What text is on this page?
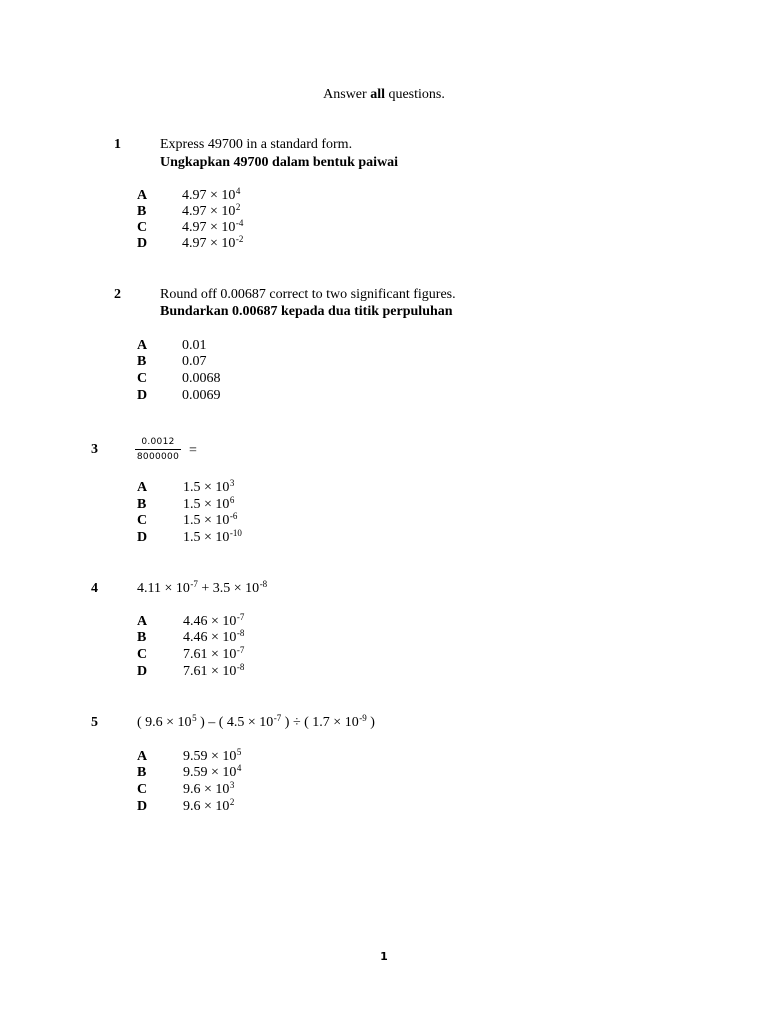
Answer all questions.
1	Express 49700 in a standard form.
Ungkapkan 49700 dalam bentuk paiwai
A $4.97 \times 10^4$
B	$4.97 \times 10^2$
C $4.97 \times 10^{-4}$
D $4.97 \times 10^{-2}$
2	Round off 0.00687 correct to two significant figures.
Bundarkan 0.00687 kepada dua titik perpuluhan
A 0.01
B	0.07
C 0.0068
D 0.0069
3	0.0012
8000000 =
A	$1.5 \times 10^3$
B	$1.5 \times 10^6$
C	$1.5 \times 10^{-6}$
D	$1.5 \times 10^{-10}$
4	$4.11 \times 10^{-7} + 3.5 \times 10^{-8}$
A	$4.46 \times 10^{-7}$
B	$4.46 \times 10^{-8}$
C	$7.61 \times 10^{-7}$
D	$7.61 \times 10^{-8}$
5	( $9.6 \times 10^5$ ) – ( $4.5 \times 10^{-7}$ ) ÷ ( $1.7 \times 10^{-9}$ )
A	$9.59 \times 10^5$
B	$9.59 \times 10^4$
C	$9.6 \times 10^3$
D	$9.6 \times 10^2$
1
